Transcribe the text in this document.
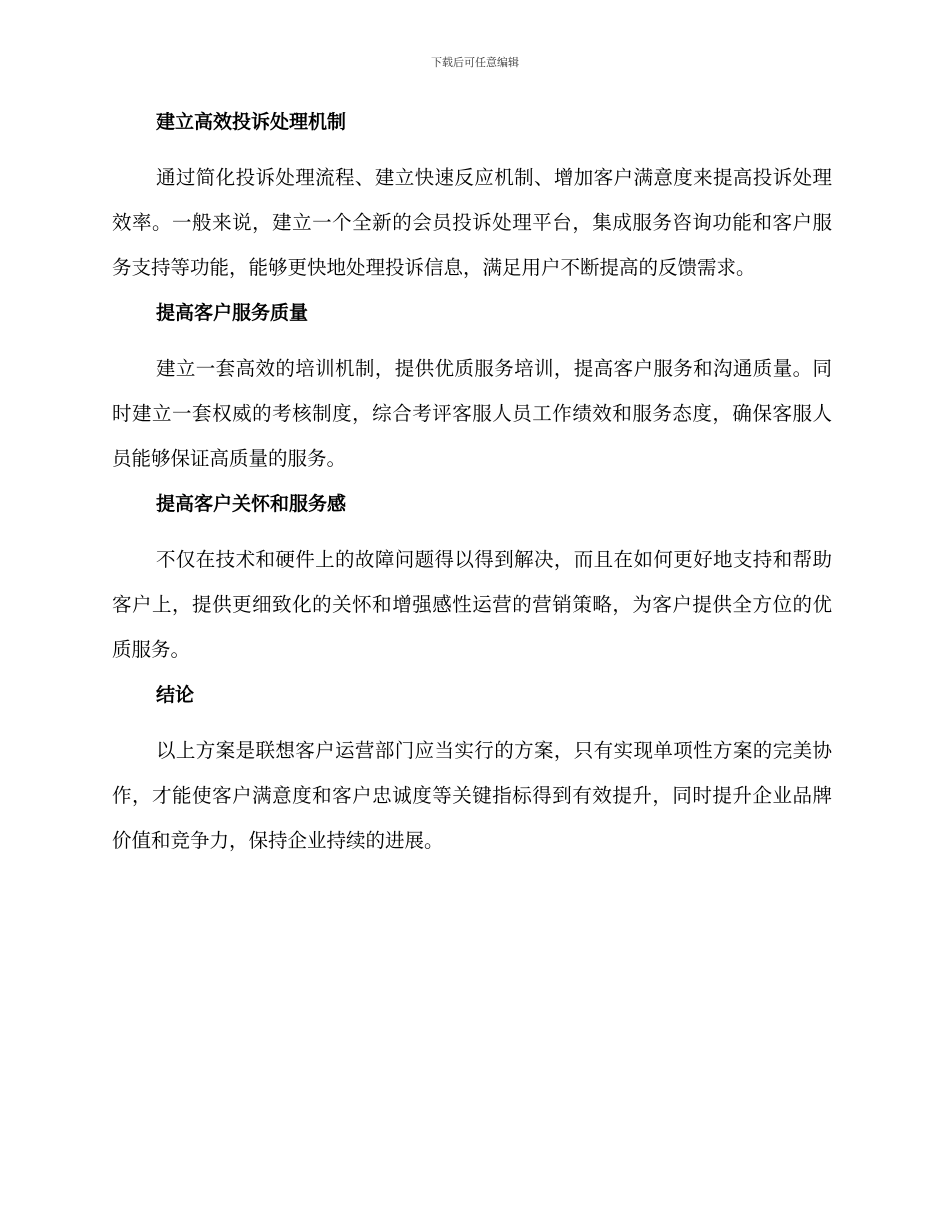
下载后可任意编辑

建立高效投诉处理机制

通过简化投诉处理流程、建立快速反应机制、增加客户满意度来提高投诉处理效率。一般来说，建立一个全新的会员投诉处理平台，集成服务咨询功能和客户服务支持等功能，能够更快地处理投诉信息，满足用户不断提高的反馈需求。

提高客户服务质量

建立一套高效的培训机制，提供优质服务培训，提高客户服务和沟通质量。同时建立一套权威的考核制度，综合考评客服人员工作绩效和服务态度，确保客服人员能够保证高质量的服务。

提高客户关怀和服务感

不仅在技术和硬件上的故障问题得以得到解决，而且在如何更好地支持和帮助客户上，提供更细致化的关怀和增强感性运营的营销策略，为客户提供全方位的优质服务。

结论

以上方案是联想客户运营部门应当实行的方案，只有实现单项性方案的完美协作，才能使客户满意度和客户忠诚度等关键指标得到有效提升，同时提升企业品牌价值和竞争力，保持企业持续的进展。
